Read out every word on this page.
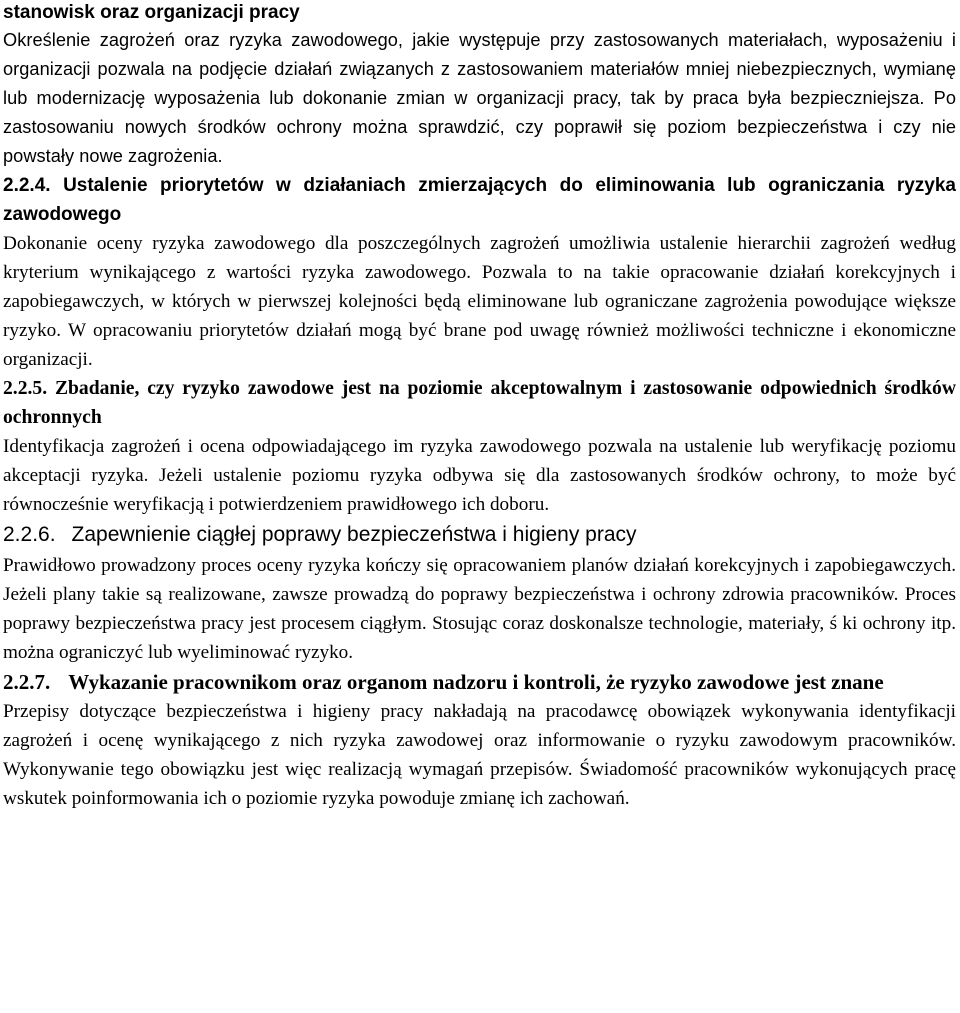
stanowisk oraz organizacji pracy

Określenie zagrożeń oraz ryzyka zawodowego, jakie występuje przy zastosowanych materiałach, wyposażeniu i organizacji pozwala na podjęcie działań związanych z zastosowaniem materiałów mniej niebezpiecznych, wymianę lub modernizację wyposażenia lub dokonanie zmian w organizacji pracy, tak by praca była bezpieczniejsza. Po zastosowaniu nowych środków ochrony można sprawdzić, czy poprawił się poziom bezpieczeństwa i czy nie powstały nowe zagrożenia.

2.2.4. Ustalenie priorytetów w działaniach zmierzających do eliminowania lub ograniczania ryzyka zawodowego

Dokonanie oceny ryzyka zawodowego dla poszczególnych zagrożeń umożliwia ustalenie hierarchii zagrożeń według kryterium wynikającego z wartości ryzyka zawodowego. Pozwala to na takie opracowanie działań korekcyjnych i zapobiegawczych, w których w pierwszej kolejności będą eliminowane lub ograniczane zagrożenia powodujące większe ryzyko. W opracowaniu priorytetów działań mogą być brane pod uwagę również możliwości techniczne i ekonomiczne organizacji.

2.2.5. Zbadanie, czy ryzyko zawodowe jest na poziomie akceptowalnym i zastosowanie odpowiednich środków ochronnych

Identyfikacja zagrożeń i ocena odpowiadającego im ryzyka zawodowego pozwala na ustalenie lub weryfikację poziomu akceptacji ryzyka. Jeżeli ustalenie poziomu ryzyka odbywa się dla zastosowanych środków ochrony, to może być równocześnie weryfikacją i potwierdzeniem prawidłowego ich doboru.

2.2.6. Zapewnienie ciągłej poprawy bezpieczeństwa i higieny pracy

Prawidłowo prowadzony proces oceny ryzyka kończy się opracowaniem planów działań korekcyjnych i zapobiegawczych. Jeżeli plany takie są realizowane, zawsze prowadzą do poprawy bezpieczeństwa i ochrony zdrowia pracowników. Proces poprawy bezpieczeństwa pracy jest procesem ciągłym. Stosując coraz doskonalsze technologie, materiały, ś ki ochrony itp. można ograniczyć lub wyeliminować ryzyko.

2.2.7. Wykazanie pracownikom oraz organom nadzoru i kontroli, że ryzyko zawodowe jest znane

Przepisy dotyczące bezpieczeństwa i higieny pracy nakładają na pracodawcę obowiązek wykonywania identyfikacji zagrożeń i ocenę wynikającego z nich ryzyka zawodowej oraz informowanie o ryzyku zawodowym pracowników. Wykonywanie tego obowiązku jest więc realizacją wymagań przepisów. Świadomość pracowników wykonujących pracę wskutek poinformowania ich o poziomie ryzyka powoduje zmianę ich zachowań.
